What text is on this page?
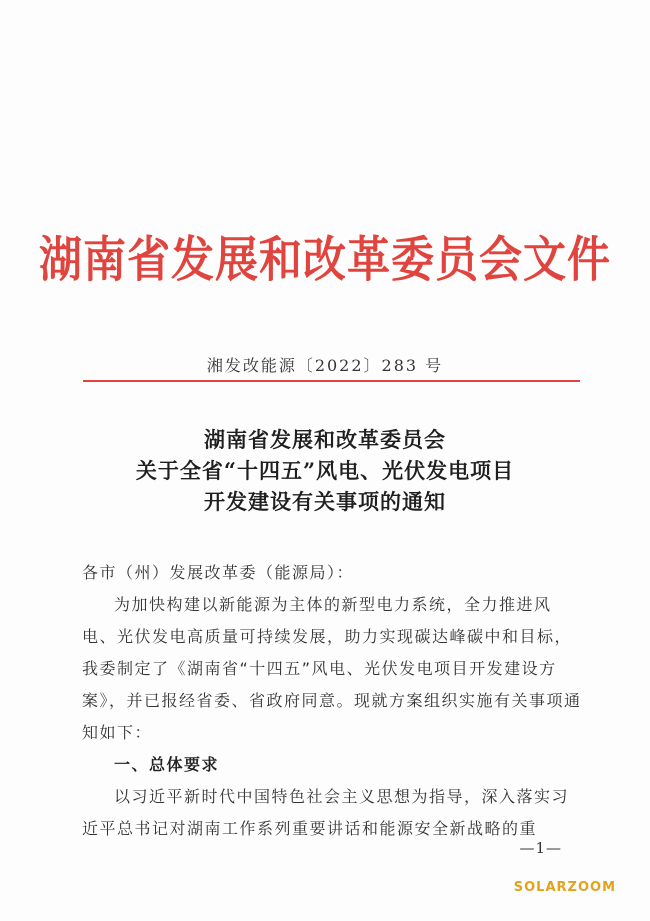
湖南省发展和改革委员会文件
湘发改能源〔2022〕283 号
湖南省发展和改革委员会
关于全省“十四五”风电、光伏发电项目
开发建设有关事项的通知

各市（州）发展改革委（能源局）：

为加快构建以新能源为主体的新型电力系统，全力推进风电、光伏发电高质量可持续发展，助力实现碳达峰碳中和目标，我委制定了《湖南省“十四五”风电、光伏发电项目开发建设方案》，并已报经省委、省政府同意。现就方案组织实施有关事项通知如下：

一、总体要求

以习近平新时代中国特色社会主义思想为指导，深入落实习近平总书记对湖南工作系列重要讲话和能源安全新战略的重

—1—
SOLARZOOM
